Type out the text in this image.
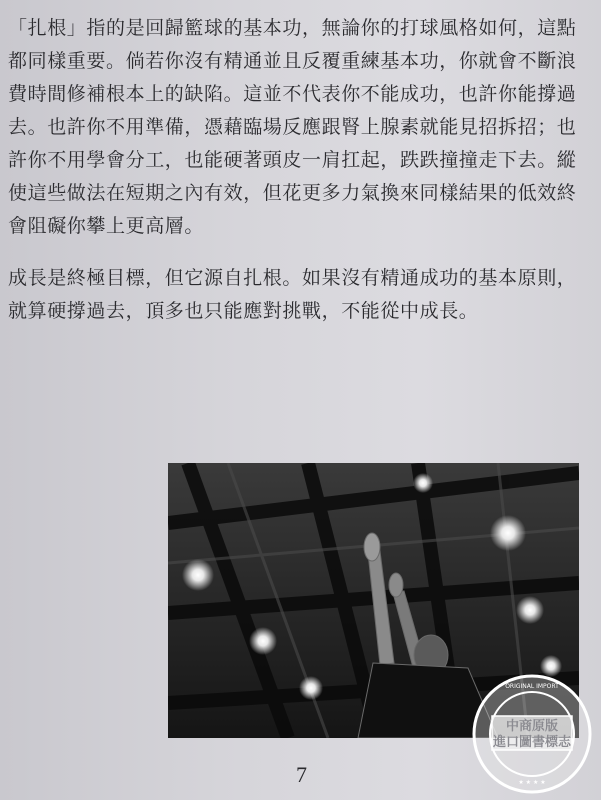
「扎根」指的是回歸籃球的基本功，無論你的打球風格如何，這點都同樣重要。倘若你沒有精通並且反覆重練基本功，你就會不斷浪費時間修補根本上的缺陷。這並不代表你不能成功，也許你能撐過去。也許你不用準備，憑藉臨場反應跟腎上腺素就能見招拆招；也許你不用學會分工，也能硬著頭皮一肩扛起，跌跌撞撞走下去。縱使這些做法在短期之內有效，但花更多力氣換來同樣結果的低效終會阻礙你攀上更高層。

成長是終極目標，但它源自扎根。如果沒有精通成功的基本原則，就算硬撐過去，頂多也只能應對挑戰，不能從中成長。

ORIGINAL IMPORT
★ ★ ★ ★
中商原版
進口圖書標志
7
